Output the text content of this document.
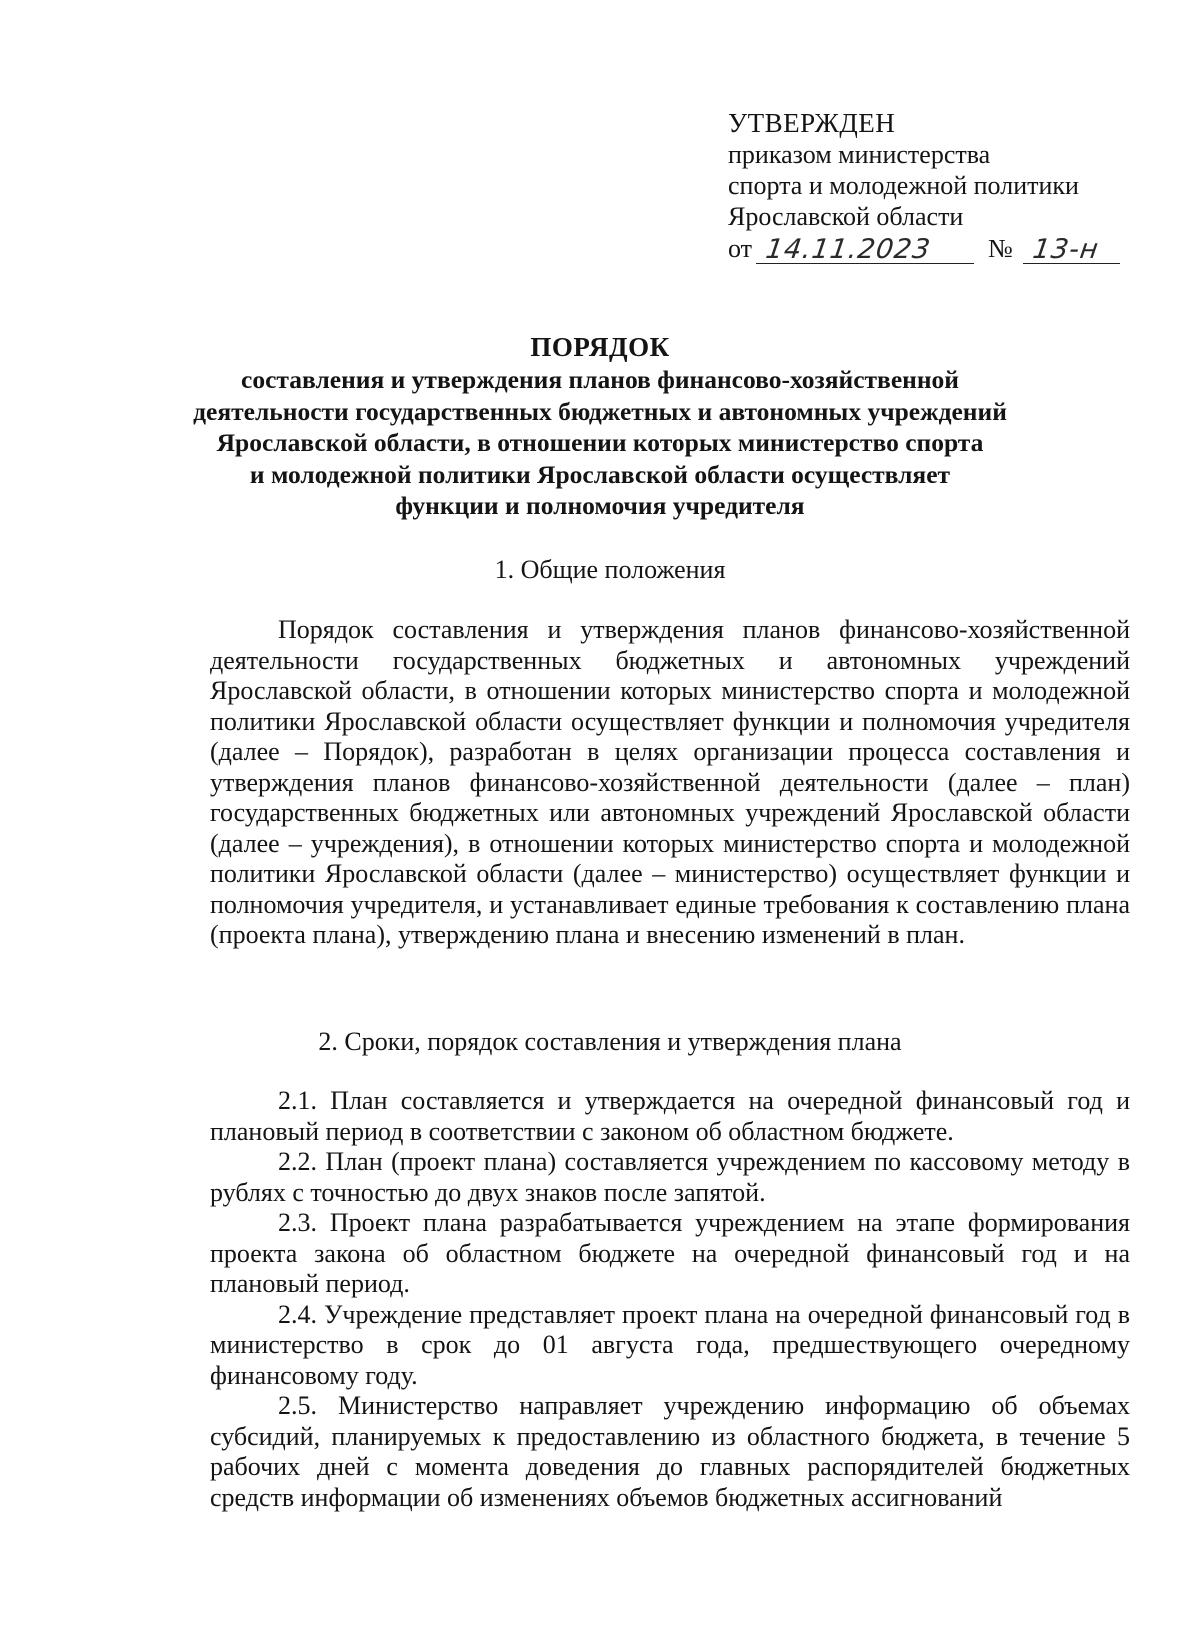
УТВЕРЖДЕН
приказом министерства
спорта и молодежной политики
Ярославской области
от 14.11.2023 № 13-н
ПОРЯДОК
составления и утверждения планов финансово-хозяйственной
деятельности государственных бюджетных и автономных учреждений
Ярославской области, в отношении которых министерство спорта
и молодежной политики Ярославской области осуществляет
функции и полномочия учредителя
1. Общие положения

Порядок составления и утверждения планов финансово-хозяйственной деятельности государственных бюджетных и автономных учреждений Ярославской области, в отношении которых министерство спорта и молодежной политики Ярославской области осуществляет функции и полномочия учредителя (далее – Порядок), разработан в целях организации процесса составления и утверждения планов финансово-хозяйственной деятельности (далее – план) государственных бюджетных или автономных учреждений Ярославской области (далее – учреждения), в отношении которых министерство спорта и молодежной политики Ярославской области (далее – министерство) осуществляет функции и полномочия учредителя, и устанавливает единые требования к составлению плана (проекта плана), утверждению плана и внесению изменений в план.

2. Сроки, порядок составления и утверждения плана

2.1. План составляется и утверждается на очередной финансовый год и плановый период в соответствии с законом об областном бюджете.

2.2. План (проект плана) составляется учреждением по кассовому методу в рублях с точностью до двух знаков после запятой.

2.3. Проект плана разрабатывается учреждением на этапе формирования проекта закона об областном бюджете на очередной финансовый год и на плановый период.

2.4. Учреждение представляет проект плана на очередной финансовый год в министерство в срок до 01 августа года, предшествующего очередному финансовому году.

2.5. Министерство направляет учреждению информацию об объемах субсидий, планируемых к предоставлению из областного бюджета, в течение 5 рабочих дней с момента доведения до главных распорядителей бюджетных средств информации об изменениях объемов бюджетных ассигнований
